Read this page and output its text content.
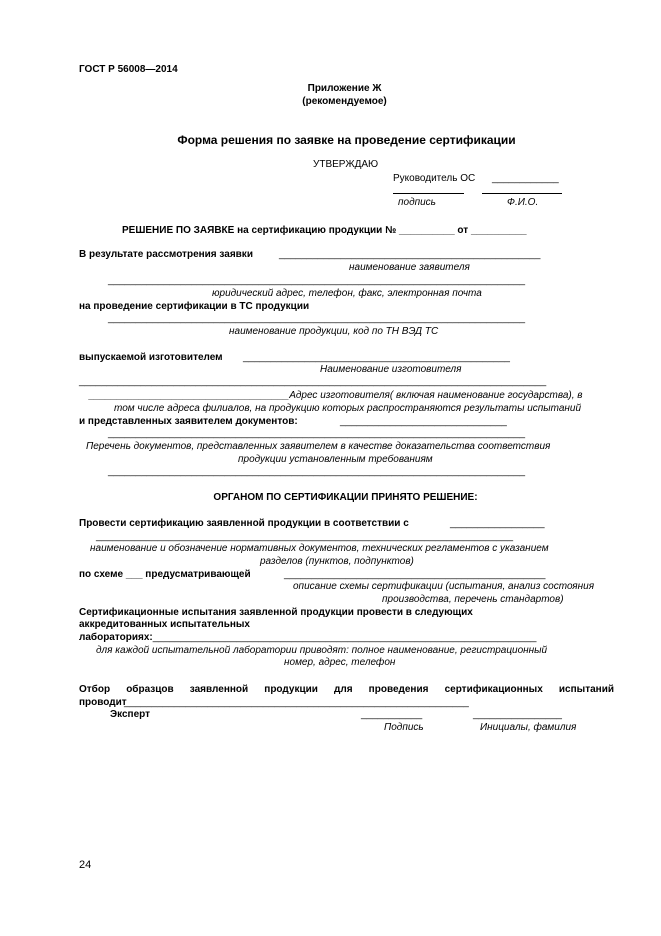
ГОСТ Р 56008—2014
Приложение Ж
(рекомендуемое)
Форма решения по заявке на проведение сертификации
УТВЕРЖДАЮ
Руководитель ОС ____________
подпись	Ф.И.О.
РЕШЕНИЕ ПО ЗАЯВКЕ на сертификацию продукции № __________ от __________
В результате рассмотрения заявки	_______________________________________________
наименование заявителя
___________________________________________________________________________
юридический адрес, телефон, факс, электронная почта
на проведение сертификации в ТС продукции
___________________________________________________________________________
наименование продукции, код по ТН ВЭД ТС
выпускаемой изготовителем ________________________________________________
Наименование изготовителя
____________________________________________________________________________________
____________________________________Адрес изготовителя( включая наименование государства), в
том числе адреса филиалов, на продукцию которых распространяются результаты испытаний
и представленных заявителем документов:	______________________________
___________________________________________________________________________
Перечень документов, представленных заявителем в качестве доказательства соответствия
продукции установленным требованиям
___________________________________________________________________________
ОРГАНОМ ПО СЕРТИФИКАЦИИ ПРИНЯТО РЕШЕНИЕ:
Провести сертификацию заявленной продукции в соответствии с	_________________
___________________________________________________________________________
наименование и обозначение нормативных документов, технических регламентов с указанием
разделов (пунктов, подпунктов)
по схеме ___ предусматривающей	_______________________________________________
описание схемы сертификации (испытания, анализ состояния
производства, перечень стандартов)
Сертификационные испытания заявленной продукции провести в следующих
аккредитованных испытательных
лабораториях:_____________________________________________________________________
для каждой испытательной лаборатории приводят: полное наименование, регистрационный
номер, адрес, телефон
Отбор образцов заявленной продукции для проведения сертификационных испытаний
проводит
______________________________________________________________
Эксперт	___________	________________
Подпись	Инициалы, фамилия
24
